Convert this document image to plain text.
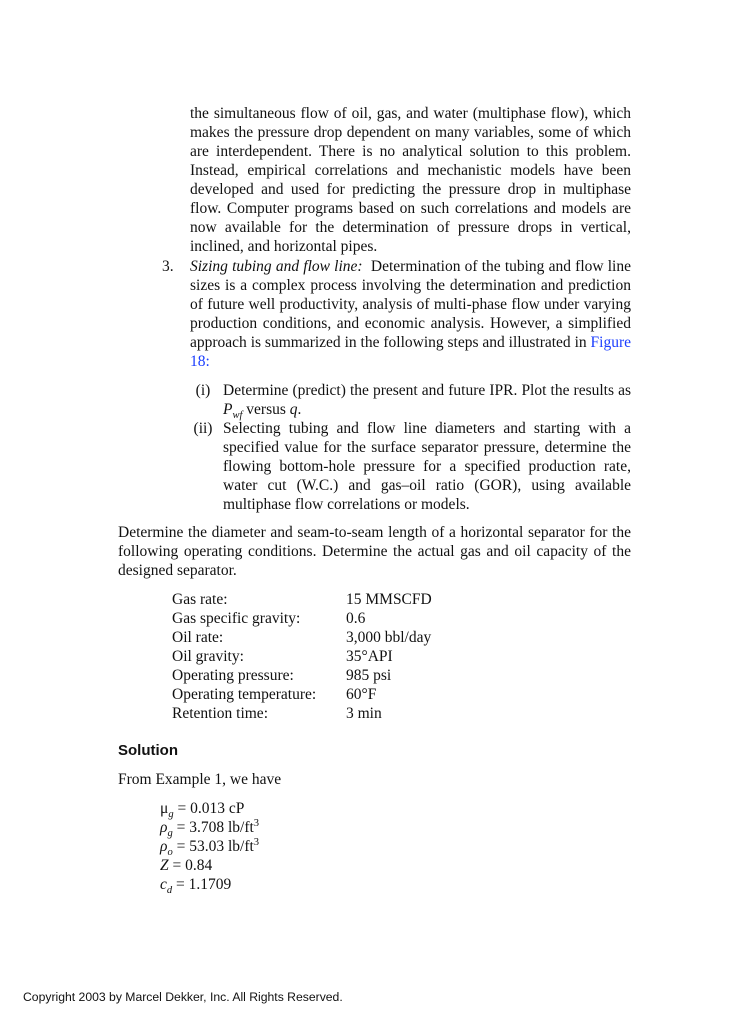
the simultaneous flow of oil, gas, and water (multiphase flow), which makes the pressure drop dependent on many variables, some of which are interdependent. There is no analytical solution to this problem. Instead, empirical correlations and mechanistic models have been developed and used for predicting the pressure drop in multiphase flow. Computer programs based on such correlations and models are now available for the determination of pressure drops in vertical, inclined, and horizontal pipes.
3. Sizing tubing and flow line: Determination of the tubing and flow line sizes is a complex process involving the determination and prediction of future well productivity, analysis of multi-phase flow under varying production conditions, and economic analysis. However, a simplified approach is summarized in the following steps and illustrated in Figure 18:
(i) Determine (predict) the present and future IPR. Plot the results as $P_{wf}$ versus q.
(ii) Selecting tubing and flow line diameters and starting with a specified value for the surface separator pressure, determine the flowing bottom-hole pressure for a specified production rate, water cut (W.C.) and gas–oil ratio (GOR), using available multiphase flow correlations or models.
Determine the diameter and seam-to-seam length of a horizontal separator for the following operating conditions. Determine the actual gas and oil capacity of the designed separator.
Gas rate:	15 MMSCFD
Gas specific gravity:	0.6
Oil rate:	3,000 bbl/day
Oil gravity:	35°API
Operating pressure:	985 psi
Operating temperature:	60°F
Retention time:	3 min
Solution
From Example 1, we have
$\mu_g = 0.013$ cP
$\rho_g = 3.708$ $lb/ft^3$
$\rho_o = 53.03$ $lb/ft^3$
Z = 0.84
$c_d = 1.1709$
Copyright 2003 by Marcel Dekker, Inc. All Rights Reserved.
